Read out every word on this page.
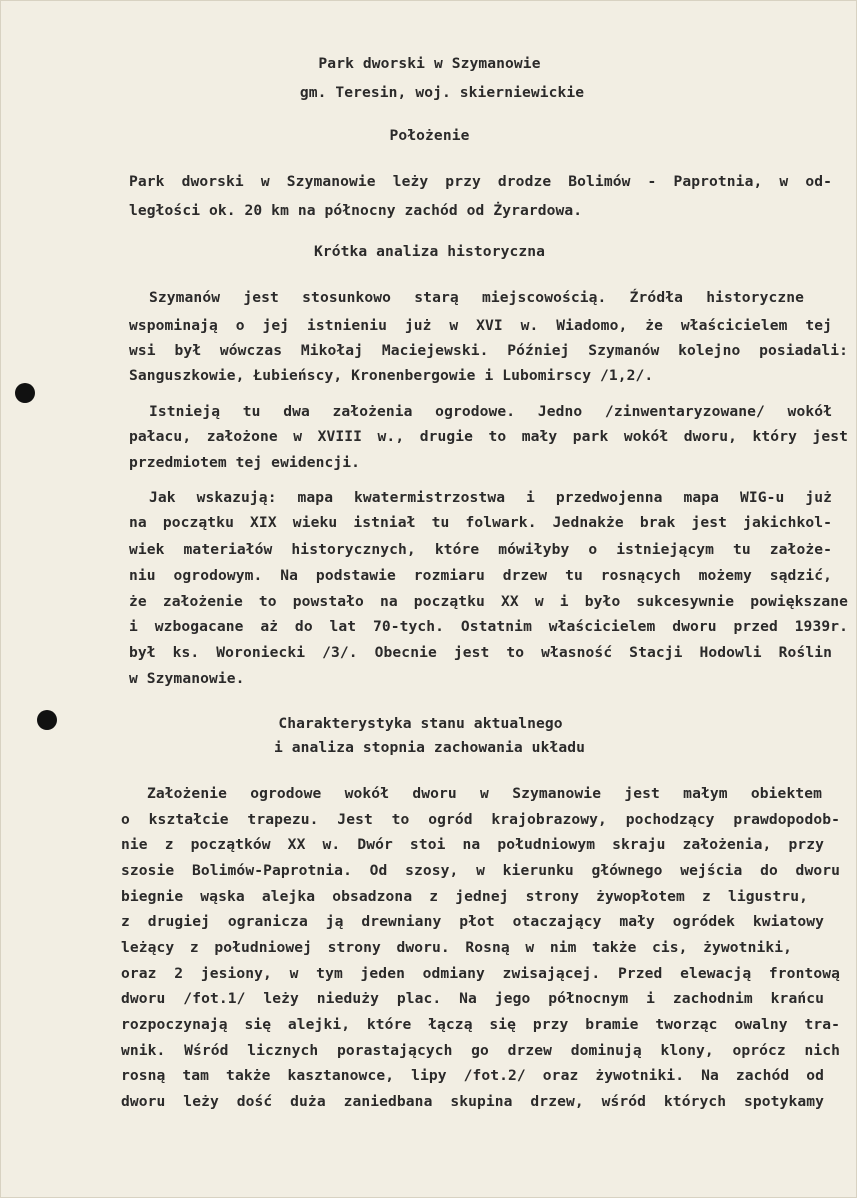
Park dworski w Szymanowie
gm. Teresin, woj. skierniewickie
Położenie
Park dworski w Szymanowie leży przy drodze Bolimów - Paprotnia, w od-
ległości ok. 20 km na północny zachód od Żyrardowa.
Krótka analiza historyczna
Szymanów jest stosunkowo starą miejscowością. Źródła historyczne
wspominają o jej istnieniu już w XVI w. Wiadomo, że właścicielem tej
wsi był wówczas Mikołaj Maciejewski. Później Szymanów kolejno posiadali:
Sanguszkowie, Łubieńscy, Kronenbergowie i Lubomirscy /1,2/.
Istnieją tu dwa założenia ogrodowe. Jedno /zinwentaryzowane/ wokół
pałacu, założone w XVIII w., drugie to mały park wokół dworu, który jest
przedmiotem tej ewidencji.
Jak wskazują: mapa kwatermistrzostwa i przedwojenna mapa WIG-u już
na początku XIX wieku istniał tu folwark. Jednakże brak jest jakichkol-
wiek materiałów historycznych, które mówiłyby o istniejącym tu założe-
niu ogrodowym. Na podstawie rozmiaru drzew tu rosnących możemy sądzić,
że założenie to powstało na początku XX w i było sukcesywnie powiększane
i wzbogacane aż do lat 70-tych. Ostatnim właścicielem dworu przed 1939r.
był ks. Woroniecki /3/. Obecnie jest to własność Stacji Hodowli Roślin
w Szymanowie.
Charakterystyka stanu aktualnego
i analiza stopnia zachowania układu
Założenie ogrodowe wokół dworu w Szymanowie jest małym obiektem
o kształcie trapezu. Jest to ogród krajobrazowy, pochodzący prawdopodob-
nie z początków XX w. Dwór stoi na południowym skraju założenia, przy
szosie Bolimów-Paprotnia. Od szosy, w kierunku głównego wejścia do dworu
biegnie wąska alejka obsadzona z jednej strony żywopłotem z ligustru,
z drugiej ogranicza ją drewniany płot otaczający mały ogródek kwiatowy
leżący z południowej strony dworu. Rosną w nim także cis, żywotniki,
oraz 2 jesiony, w tym jeden odmiany zwisającej. Przed elewacją frontową
dworu /fot.1/ leży nieduży plac. Na jego północnym i zachodnim krańcu
rozpoczynają się alejki, które łączą się przy bramie tworząc owalny tra-
wnik. Wśród licznych porastających go drzew dominują klony, oprócz nich
rosną tam także kasztanowce, lipy /fot.2/ oraz żywotniki. Na zachód od
dworu leży dość duża zaniedbana skupina drzew, wśród których spotykamy
